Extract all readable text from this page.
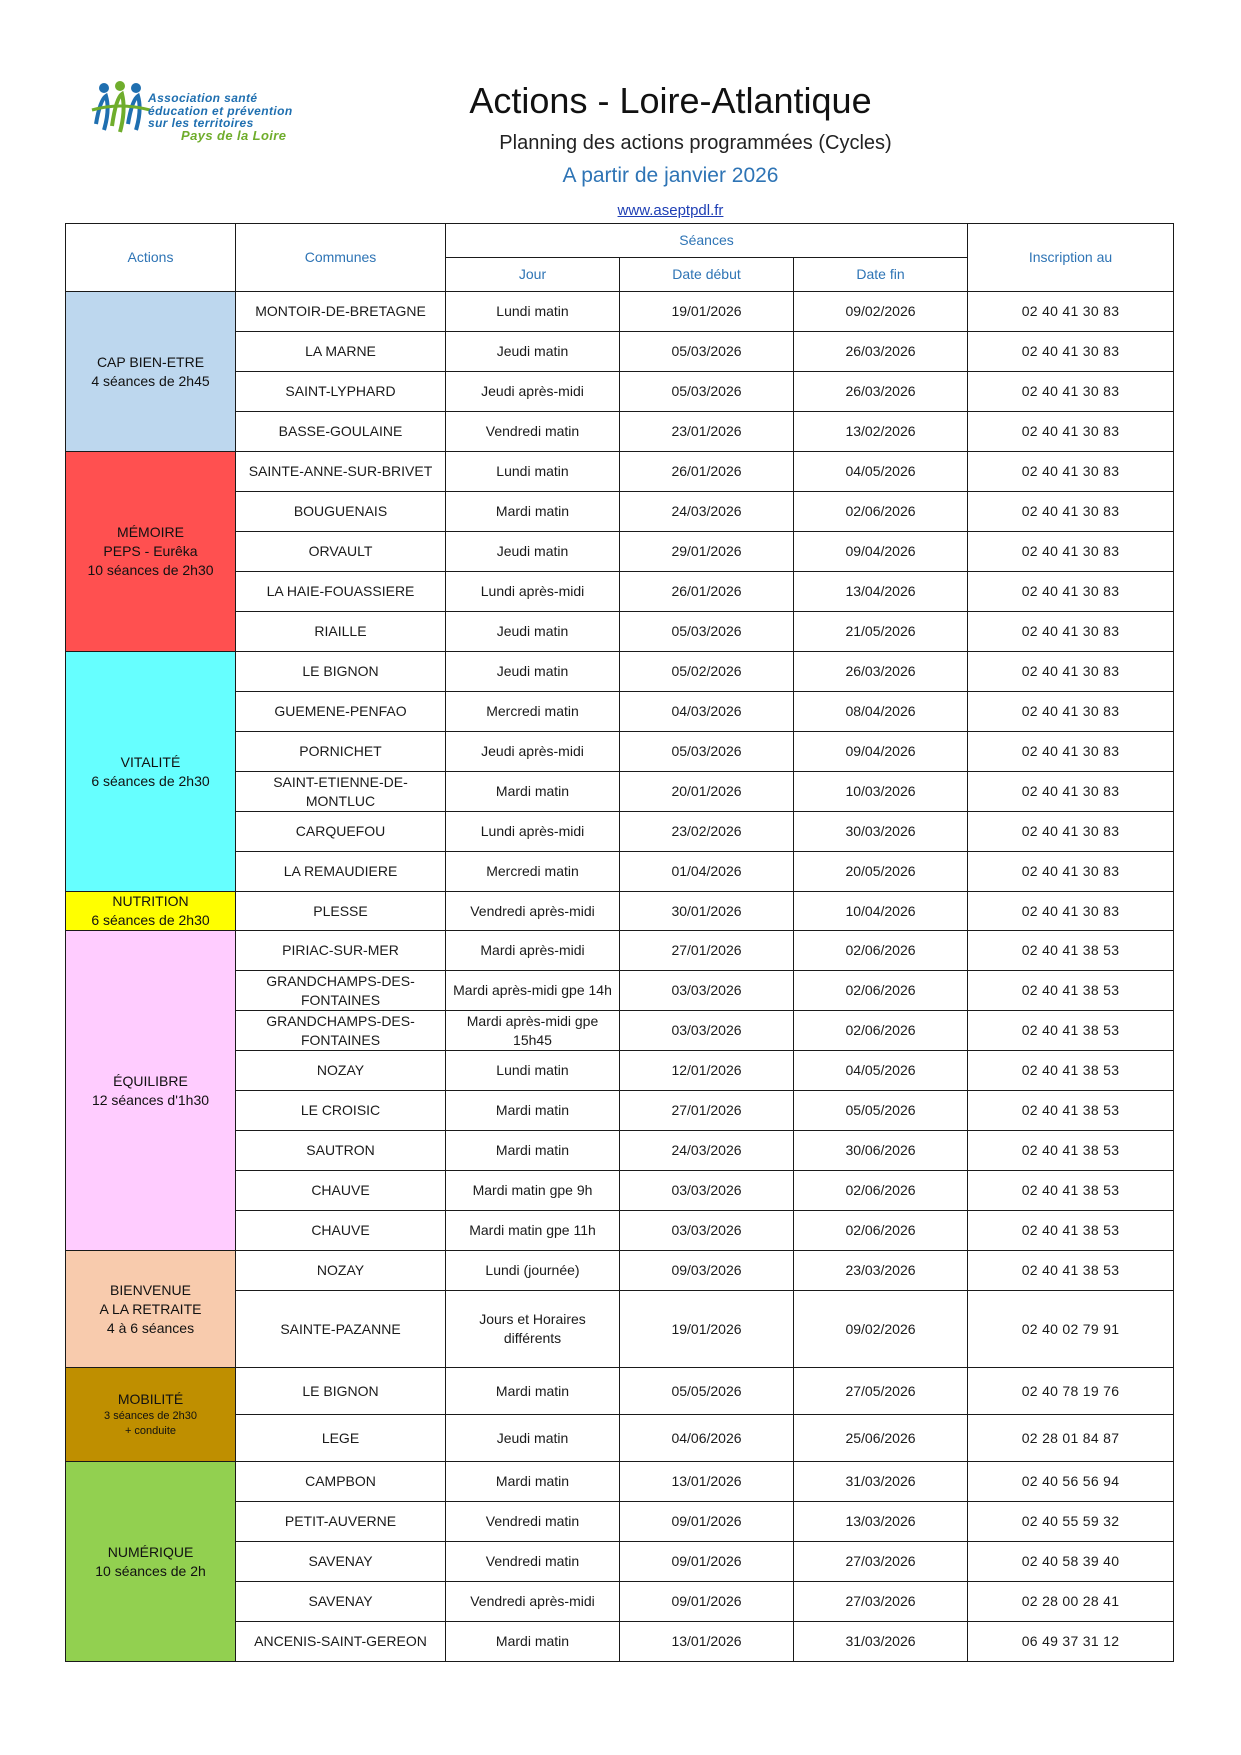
Association santé
éducation et prévention
sur les territoires
Pays de la Loire
Actions - Loire-Atlantique
Planning des actions programmées (Cycles)
A partir de janvier 2026
www.aseptpdl.fr
Actions	Communes	Séances			Inscription au
		Jour	Date début	Date fin	

CAP BIEN-ETRE
4 séances de 2h45	MONTOIR-DE-BRETAGNE	Lundi matin	19/01/2026	09/02/2026	02 40 41 30 83
	LA MARNE	Jeudi matin	05/03/2026	26/03/2026	02 40 41 30 83
	SAINT-LYPHARD	Jeudi après-midi	05/03/2026	26/03/2026	02 40 41 30 83
	BASSE-GOULAINE	Vendredi matin	23/01/2026	13/02/2026	02 40 41 30 83

MÉMOIRE
PEPS - Eurêka
10 séances de 2h30	SAINTE-ANNE-SUR-BRIVET	Lundi matin	26/01/2026	04/05/2026	02 40 41 30 83
	BOUGUENAIS	Mardi matin	24/03/2026	02/06/2026	02 40 41 30 83
	ORVAULT	Jeudi matin	29/01/2026	09/04/2026	02 40 41 30 83
	LA HAIE-FOUASSIERE	Lundi après-midi	26/01/2026	13/04/2026	02 40 41 30 83
	RIAILLE	Jeudi matin	05/03/2026	21/05/2026	02 40 41 30 83

VITALITÉ
6 séances de 2h30	LE BIGNON	Jeudi matin	05/02/2026	26/03/2026	02 40 41 30 83
	GUEMENE-PENFAO	Mercredi matin	04/03/2026	08/04/2026	02 40 41 30 83
	PORNICHET	Jeudi après-midi	05/03/2026	09/04/2026	02 40 41 30 83
	SAINT-ETIENNE-DE-MONTLUC	Mardi matin	20/01/2026	10/03/2026	02 40 41 30 83
	CARQUEFOU	Lundi après-midi	23/02/2026	30/03/2026	02 40 41 30 83
	LA REMAUDIERE	Mercredi matin	01/04/2026	20/05/2026	02 40 41 30 83

NUTRITION
6 séances de 2h30	PLESSE	Vendredi après-midi	30/01/2026	10/04/2026	02 40 41 30 83

ÉQUILIBRE
12 séances d'1h30	PIRIAC-SUR-MER	Mardi après-midi	27/01/2026	02/06/2026	02 40 41 38 53
	GRANDCHAMPS-DES-FONTAINES	Mardi après-midi gpe 14h	03/03/2026	02/06/2026	02 40 41 38 53
	GRANDCHAMPS-DES-FONTAINES	Mardi après-midi gpe 15h45	03/03/2026	02/06/2026	02 40 41 38 53
	NOZAY	Lundi matin	12/01/2026	04/05/2026	02 40 41 38 53
	LE CROISIC	Mardi matin	27/01/2026	05/05/2026	02 40 41 38 53
	SAUTRON	Mardi matin	24/03/2026	30/06/2026	02 40 41 38 53
	CHAUVE	Mardi matin gpe 9h	03/03/2026	02/06/2026	02 40 41 38 53
	CHAUVE	Mardi matin gpe 11h	03/03/2026	02/06/2026	02 40 41 38 53

BIENVENUE
A LA RETRAITE
4 à 6 séances	NOZAY	Lundi (journée)	09/03/2026	23/03/2026	02 40 41 38 53
	SAINTE-PAZANNE	Jours et Horaires différents	19/01/2026	09/02/2026	02 40 02 79 91

MOBILITÉ
3 séances de 2h30
+ conduite	LE BIGNON	Mardi matin	05/05/2026	27/05/2026	02 40 78 19 76
	LEGE	Jeudi matin	04/06/2026	25/06/2026	02 28 01 84 87

NUMÉRIQUE
10 séances de 2h	CAMPBON	Mardi matin	13/01/2026	31/03/2026	02 40 56 56 94
	PETIT-AUVERNE	Vendredi matin	09/01/2026	13/03/2026	02 40 55 59 32
	SAVENAY	Vendredi matin	09/01/2026	27/03/2026	02 40 58 39 40
	SAVENAY	Vendredi après-midi	09/01/2026	27/03/2026	02 28 00 28 41
	ANCENIS-SAINT-GEREON	Mardi matin	13/01/2026	31/03/2026	06 49 37 31 12
